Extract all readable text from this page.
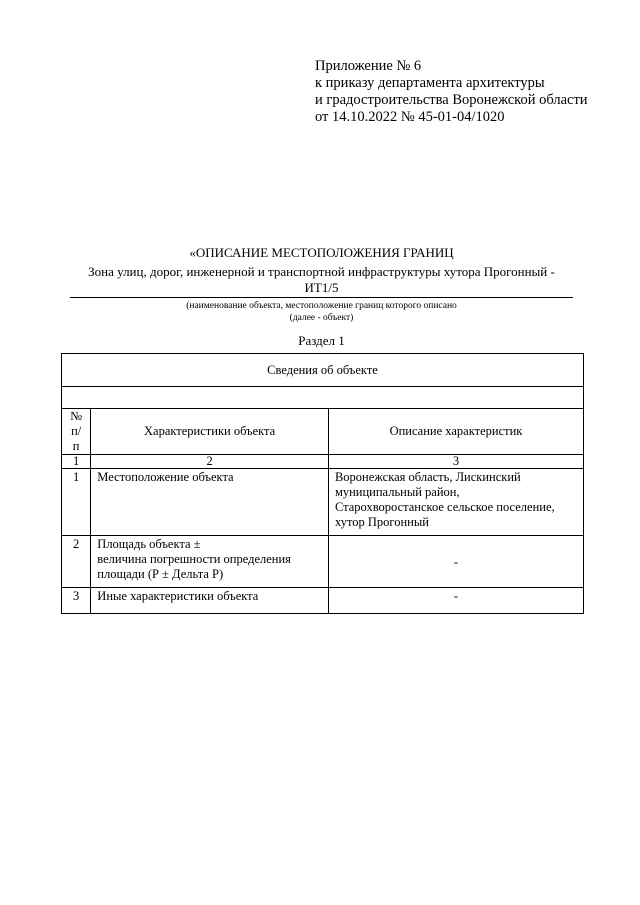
Приложение № 6
к приказу департамента архитектуры
и градостроительства Воронежской области
от 14.10.2022 № 45-01-04/1020
«ОПИСАНИЕ МЕСТОПОЛОЖЕНИЯ ГРАНИЦ
Зона улиц, дорог, инженерной и транспортной инфраструктуры хутора Прогонный -
ИТ1/5
(наименование объекта, местоположение границ которого описано
(далее - объект)
Раздел 1
Сведения об объекте		

№
п/п	Характеристики объекта	Описание характеристик
1	2	3
1	Местоположение объекта	Воронежская область, Лискинский
муниципальный район,
Старохворостанское сельское поселение,
хутор Прогонный

2	Площадь объекта ±
величина погрешности определения
площади (Р ± Дельта Р)	-
3	Иные характеристики объекта	-
